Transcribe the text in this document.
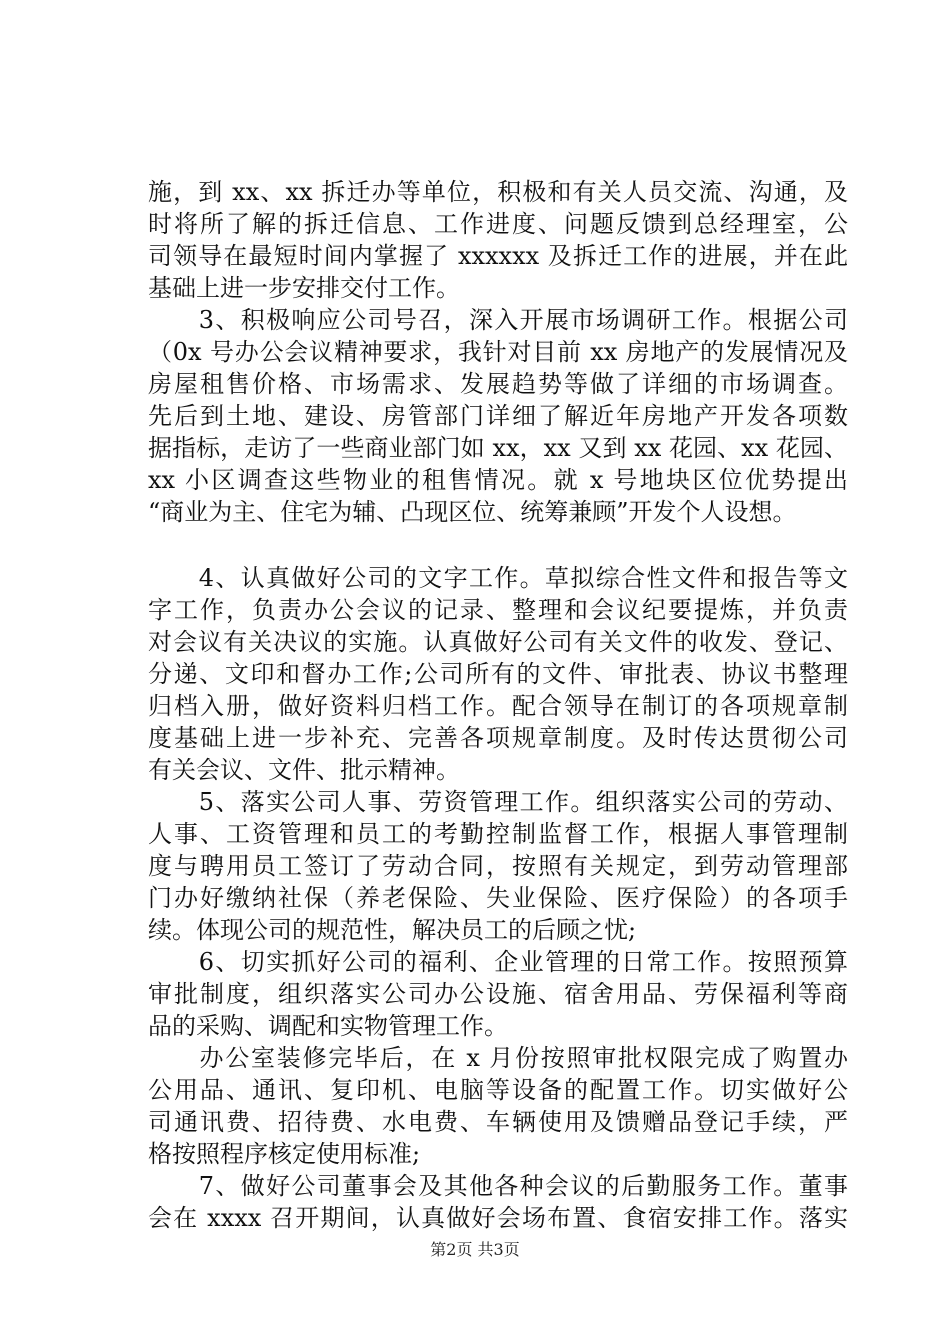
施，到 xx、xx 拆迁办等单位，积极和有关人员交流、沟通，及
时将所了解的拆迁信息、工作进度、问题反馈到总经理室，公
司领导在最短时间内掌握了 xxxxxx 及拆迁工作的进展，并在此
基础上进一步安排交付工作。
　　3、积极响应公司号召，深入开展市场调研工作。根据公司
（0x 号办公会议精神要求，我针对目前 xx 房地产的发展情况及
房屋租售价格、市场需求、发展趋势等做了详细的市场调查。
先后到土地、建设、房管部门详细了解近年房地产开发各项数
据指标，走访了一些商业部门如 xx，xx 又到 xx 花园、xx 花园、
xx 小区调查这些物业的租售情况。就 x 号地块区位优势提出
“商业为主、住宅为辅、凸现区位、统筹兼顾”开发个人设想。
　　4、认真做好公司的文字工作。草拟综合性文件和报告等文
字工作，负责办公会议的记录、整理和会议纪要提炼，并负责
对会议有关决议的实施。认真做好公司有关文件的收发、登记、
分递、文印和督办工作;公司所有的文件、审批表、协议书整理
归档入册，做好资料归档工作。配合领导在制订的各项规章制
度基础上进一步补充、完善各项规章制度。及时传达贯彻公司
有关会议、文件、批示精神。
　　5、落实公司人事、劳资管理工作。组织落实公司的劳动、
人事、工资管理和员工的考勤控制监督工作，根据人事管理制
度与聘用员工签订了劳动合同，按照有关规定，到劳动管理部
门办好缴纳社保（养老保险、失业保险、医疗保险）的各项手
续。体现公司的规范性，解决员工的后顾之忧;
　　6、切实抓好公司的福利、企业管理的日常工作。按照预算
审批制度，组织落实公司办公设施、宿舍用品、劳保福利等商
品的采购、调配和实物管理工作。
　　办公室装修完毕后，在 x 月份按照审批权限完成了购置办
公用品、通讯、复印机、电脑等设备的配置工作。切实做好公
司通讯费、招待费、水电费、车辆使用及馈赠品登记手续，严
格按照程序核定使用标准;
　　7、做好公司董事会及其他各种会议的后勤服务工作。董事
会在 xxxx 召开期间，认真做好会场布置、食宿安排工作。落实
第2页 共3页
